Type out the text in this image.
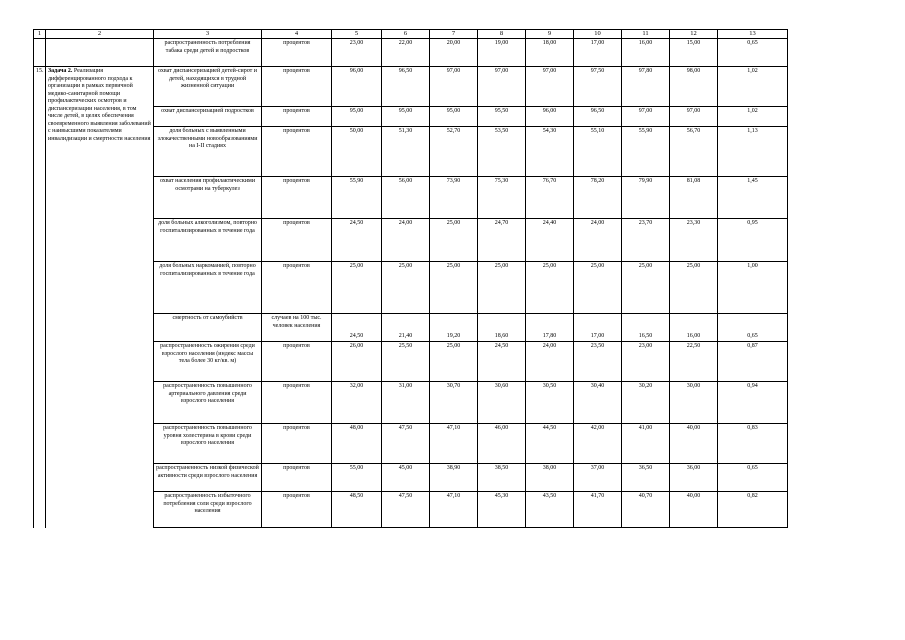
1	2	3	4	5	6	7	8	9	10	11	12	13
		распространенность потребления табака среди детей и подростков	процентов	23,00	22,00	20,00	19,00	18,00	17,00	16,00	15,00	0,65
15.	Задача 2. Реализация дифференцированного подхода к организации в рамках первичной медико-санитарной помощи профилактических осмотров и диспансеризации населения, в том числе детей, в целях обеспечения своевременного выявления заболеваний с наивысшими показателями инвалидизации и смертности населения	охват диспансеризацией детей-сирот и детей, находящихся в трудной жизненной ситуации	процентов	96,00	96,50	97,00	97,00	97,00	97,50	97,80	98,00	1,02
		охват диспансеризацией подростков	процентов	95,00	95,00	95,00	95,50	96,00	96,50	97,00	97,00	1,02
		доля больных с выявленными злокачественными новообразованиями на I-II стадиях	процентов	50,00	51,30	52,70	53,50	54,30	55,10	55,90	56,70	1,13
		охват населения профилактическими осмотрами на туберкулез	процентов	55,90	56,00	73,90	75,30	76,70	78,20	79,90	81,08	1,45
		доля больных алкоголизмом, повторно госпитализированных в течение года	процентов	24,50	24,00	25,00	24,70	24,40	24,00	23,70	23,30	0,95
		доля больных наркоманией, повторно госпитализированных в течение года	процентов	25,00	25,00	25,00	25,00	25,00	25,00	25,00	25,00	1,00
		смертность от самоубийств	случаев на 100 тыс. человек населения	24,50	21,40	19,20	18,60	17,80	17,00	16,50	16,00	0,65
		распространенность ожирения среди взрослого населения (индекс массы тела более 30 кг/кв. м)	процентов	26,00	25,50	25,00	24,50	24,00	23,50	23,00	22,50	0,87
		распространенность повышенного артериального давления среди взрослого населения	процентов	32,00	31,00	30,70	30,60	30,50	30,40	30,20	30,00	0,94
		распространенность повышенного уровня холестерина в крови среди взрослого населения	процентов	48,00	47,50	47,10	46,00	44,50	42,00	41,00	40,00	0,83
		распространенность низкой физической активности среди взрослого населения	процентов	55,00	45,00	38,90	38,50	38,00	37,00	36,50	36,00	0,65
		распространенность избыточного потребления соли среди взрослого населения	процентов	48,50	47,50	47,10	45,30	43,50	41,70	40,70	40,00	0,82
